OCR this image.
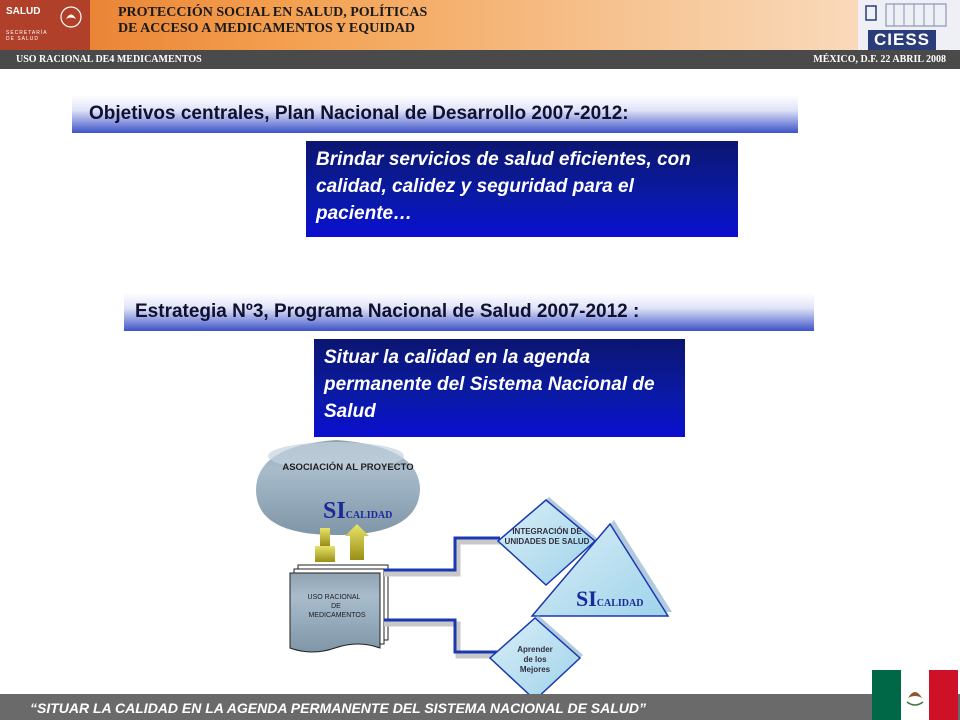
SALUD
SECRETARÍA
DE SALUD
PROTECCIÓN SOCIAL EN SALUD, POLÍTICAS
DE ACCESO A MEDICAMENTOS Y EQUIDAD
CIESS
USO RACIONAL DE4 MEDICAMENTOS	MÉXICO, D.F. 22 ABRIL 2008
Objetivos centrales, Plan Nacional de Desarrollo 2007-2012:
Brindar servicios de salud eficientes, con calidad, calidez y seguridad para el paciente…
Estrategia Nº3, Programa Nacional de Salud 2007-2012 :
Situar la calidad en la agenda permanente del Sistema Nacional de Salud
ASOCIACIÓN AL PROYECTO
SICALIDAD
USO RACIONAL
DE
MEDICAMENTOS
INTEGRACIÓN DE
UNIDADES DE SALUD
SICALIDAD
Aprender
de los
Mejores
“SITUAR LA CALIDAD EN LA AGENDA PERMANENTE DEL SISTEMA NACIONAL DE SALUD”
